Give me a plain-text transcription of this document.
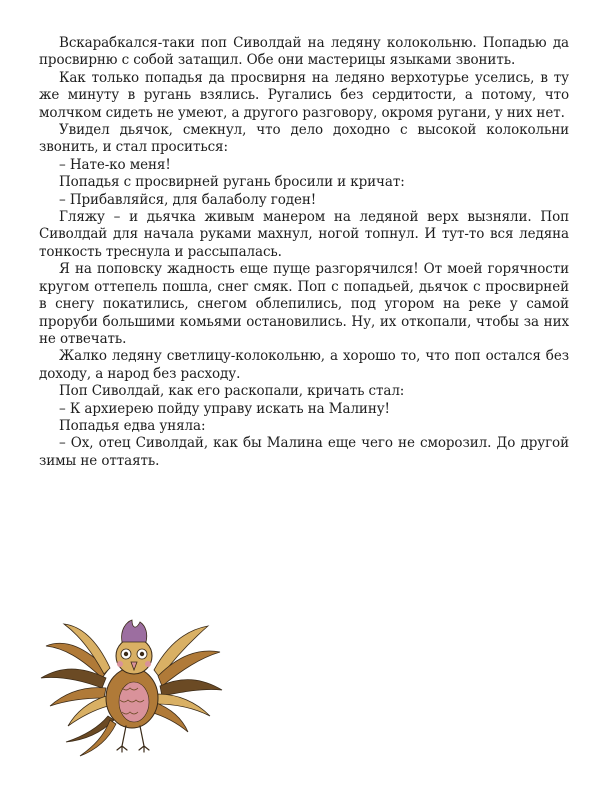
Вскарабкался-таки поп Сиволдай на ледяну колокольню. Попадью да просвирню с собой затащил. Обе они мастерицы языками звонить.

Как только попадья да просвирня на ледяно верхотурье уселись, в ту же минуту в ругань взялись. Ругались без сердитости, а потому, что молчком сидеть не умеют, а другого разговору, окромя ругани, у них нет.

Увидел дьячок, смекнул, что дело доходно с высокой колокольни звонить, и стал проситься:

– Нате-ко меня!

Попадья с просвирней ругань бросили и кричат:

– Прибавляйся, для балаболу годен!

Гляжу – и дьячка живым манером на ледяной верх вызняли. Поп Сиволдай для начала руками махнул, ногой топнул. И тут-то вся ледяна тонкость треснула и рассыпалась.

Я на поповску жадность еще пуще разгорячился! От моей горячности кругом оттепель пошла, снег смяк. Поп с попадьей, дьячок с просвирней в снегу покатились, снегом облепились, под угором на реке у самой проруби большими комьями остановились. Ну, их откопали, чтобы за них не отвечать.

Жалко ледяну светлицу-колокольню, а хорошо то, что поп остался без доходу, а народ без расходу.

Поп Сиволдай, как его раскопали, кричать стал:

– К архиерею пойду управу искать на Малину!

Попадья едва уняла:

– Ох, отец Сиволдай, как бы Малина еще чего не сморозил. До другой зимы не оттаять.
